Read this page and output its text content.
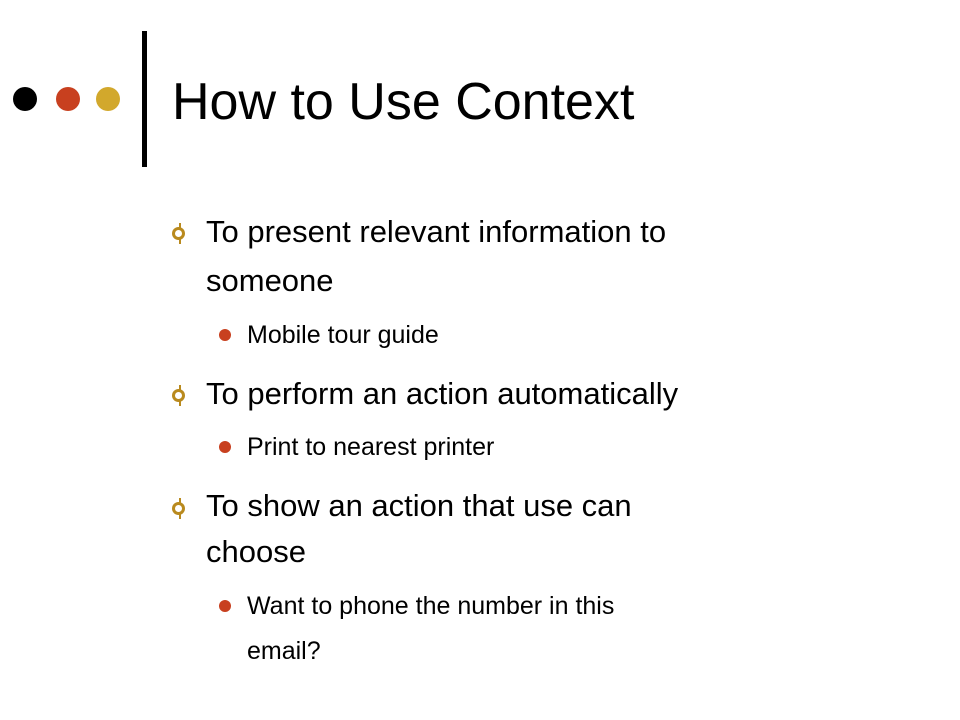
How to Use Context

To present relevant information to

someone

Mobile tour guide

To perform an action automatically

Print to nearest printer

To show an action that use can

choose

Want to phone the number in this

email?
